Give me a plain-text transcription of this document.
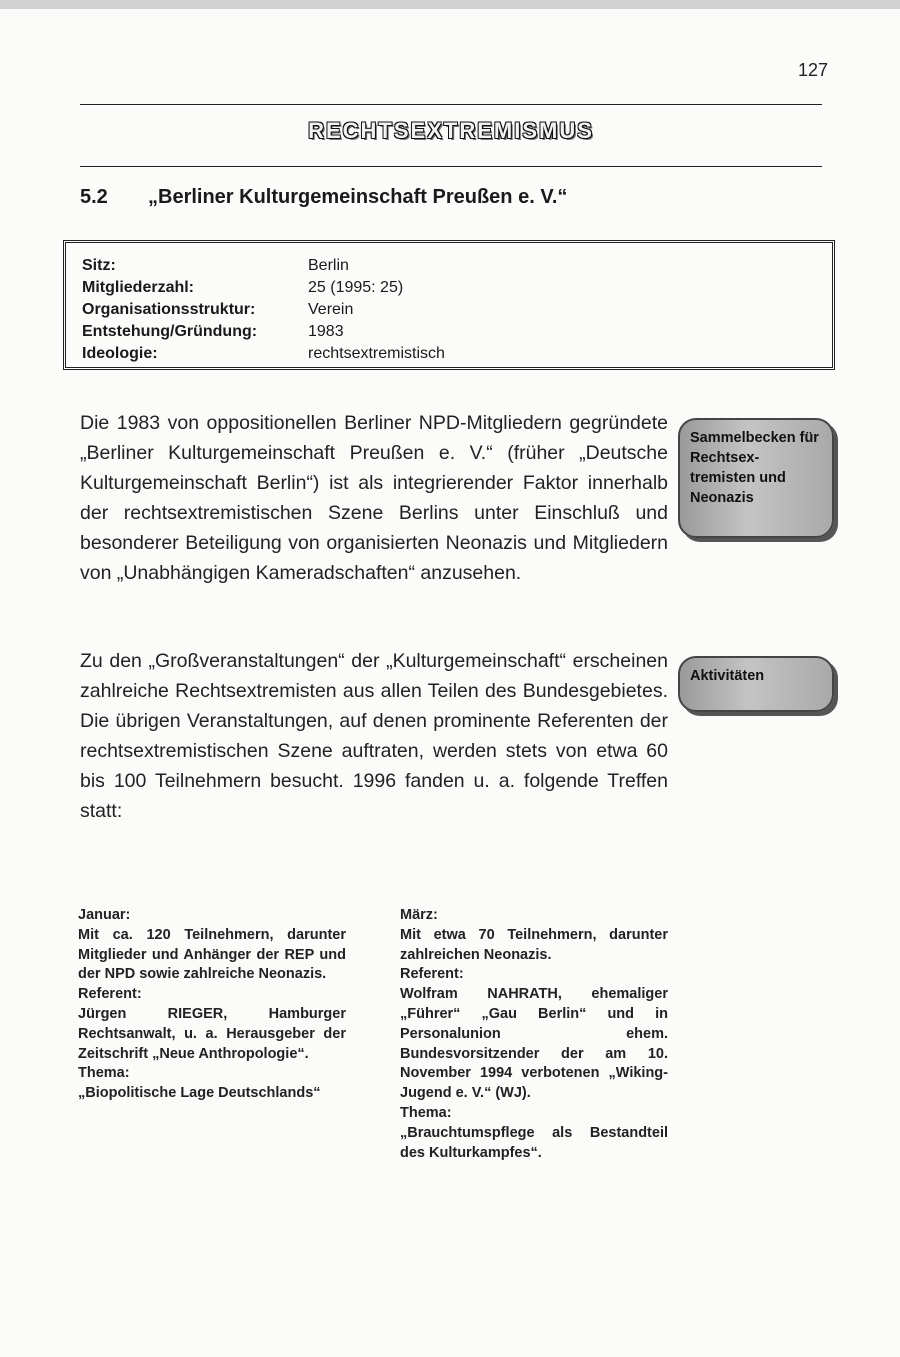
127
RECHTSEXTREMISMUS
5.2 „Berliner Kulturgemeinschaft Preußen e. V.“
Sitz:	Berlin
Mitgliederzahl:	25 (1995: 25)
Organisationsstruktur:	Verein
Entstehung/Gründung:	1983
Ideologie:	rechtsextremistisch
Die 1983 von oppositionellen Berliner NPD-Mitgliedern gegründete „Berliner Kulturgemeinschaft Preußen e. V.“ (früher „Deutsche Kulturgemeinschaft Berlin“) ist als integrierender Faktor innerhalb der rechtsextremistischen Szene Berlins unter Einschluß und besonderer Beteiligung von organisierten Neonazis und Mitgliedern von „Unabhängigen Kameradschaften“ anzusehen.
Sammelbecken für Rechtsex-tremisten und Neonazis
Zu den „Großveranstaltungen“ der „Kulturgemeinschaft“ erscheinen zahlreiche Rechtsextremisten aus allen Teilen des Bundesgebietes. Die übrigen Veranstaltungen, auf denen prominente Referenten der rechtsextremistischen Szene auftraten, werden stets von etwa 60 bis 100 Teilnehmern besucht. 1996 fanden u. a. folgende Treffen statt:
Aktivitäten
Januar:
Mit ca. 120 Teilnehmern, darunter Mitglieder und Anhänger der REP und der NPD sowie zahlreiche Neonazis.
Referent:
Jürgen RIEGER, Hamburger Rechtsanwalt, u. a. Herausgeber der Zeitschrift „Neue Anthropologie“.
Thema:
„Biopolitische Lage Deutschlands“
März:
Mit etwa 70 Teilnehmern, darunter zahlreichen Neonazis.
Referent:
Wolfram NAHRATH, ehemaliger „Führer“ „Gau Berlin“ und in Personalunion ehem. Bundesvorsitzender der am 10. November 1994 verbotenen „Wiking-Jugend e. V.“ (WJ).
Thema:
„Brauchtumspflege als Bestandteil des Kulturkampfes“.
